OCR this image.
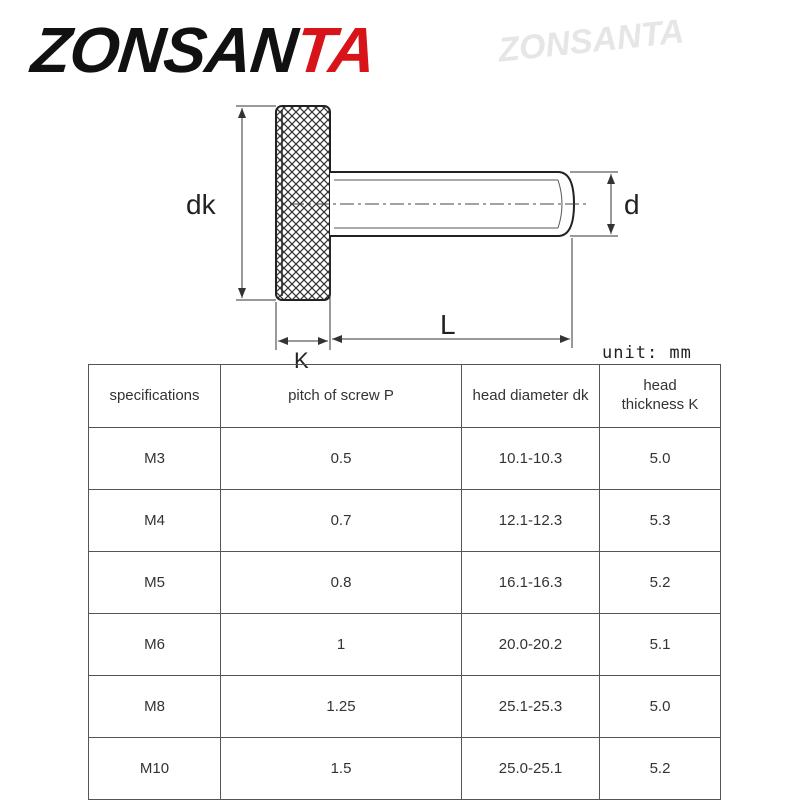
ZONSANTA	ZONSANTA
dk	d
L
K	unit: mm
specifications	pitch of screw P	head diameter dk	head thickness K
M3	0.5	10.1-10.3	5.0
M4	0.7	12.1-12.3	5.3
M5	0.8	16.1-16.3	5.2
M6	1	20.0-20.2	5.1
M8	1.25	25.1-25.3	5.0
M10	1.5	25.0-25.1	5.2
